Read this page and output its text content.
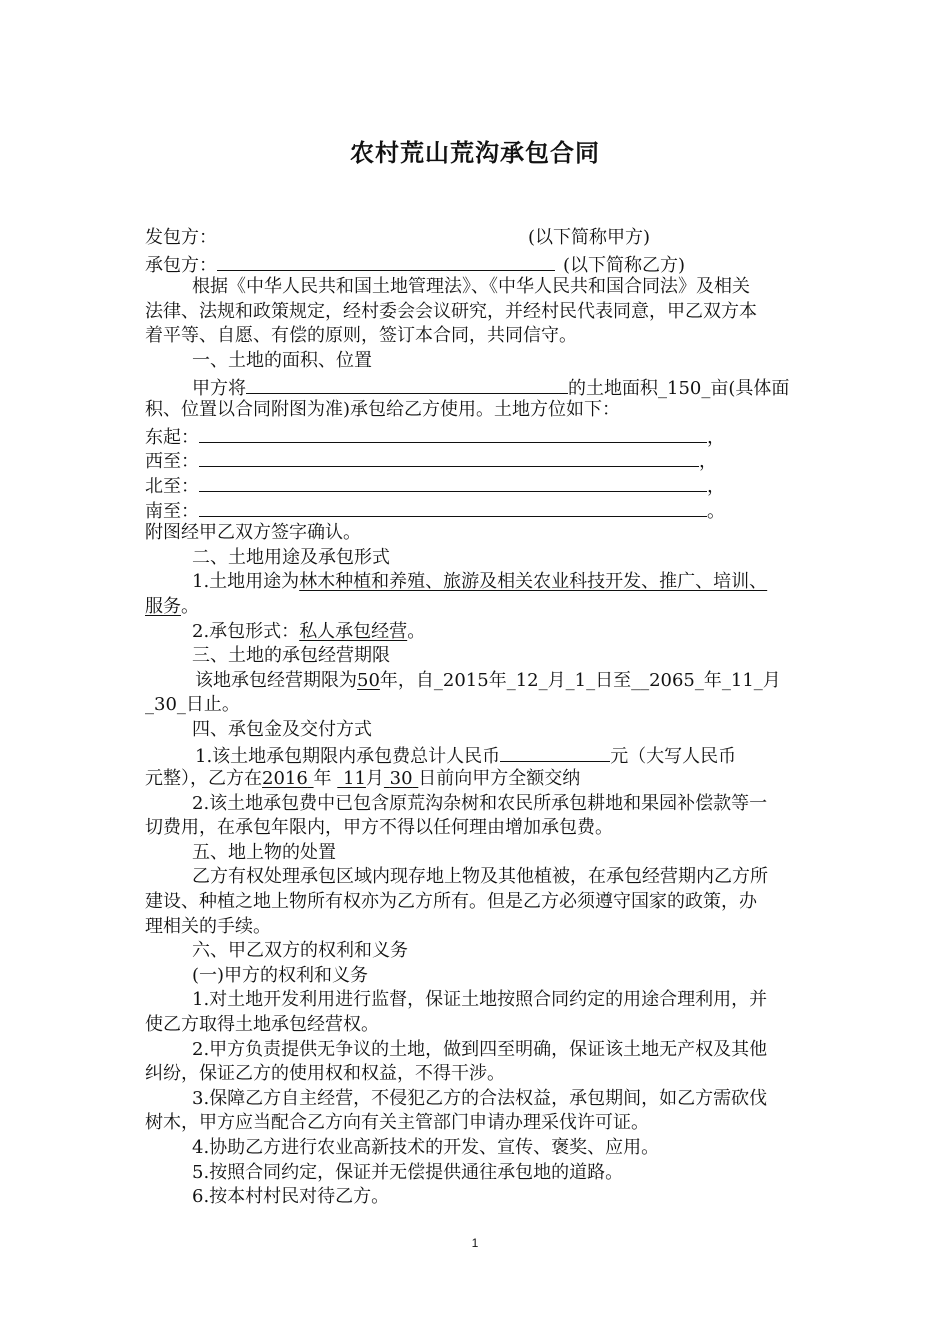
农村荒山荒沟承包合同
发包方：	(以下简称甲方)
承包方：	(以下简称乙方)
根据《中华人民共和国土地管理法》、《中华人民共和国合同法》及相关
法律、法规和政策规定，经村委会会议研究，并经村民代表同意，甲乙双方本
着平等、自愿、有偿的原则，签订本合同，共同信守。
一、土地的面积、位置
甲方将	的土地面积_150_亩(具体面
积、位置以合同附图为准)承包给乙方使用。土地方位如下：
东起：	，
西至：	，
北至：	，
南至：	。
附图经甲乙双方签字确认。
二、土地用途及承包形式
1.土地用途为林木种植和养殖、旅游及相关农业科技开发、推广、培训、
服务。
2.承包形式：私人承包经营。
三、土地的承包经营期限
该地承包经营期限为50年，自_2015年_12_月_1_日至__2065_年_11_月
_30_日止。
四、承包金及交付方式
1.该土地承包期限内承包费总计人民币	元（大写人民币
元整），乙方在2016 年 11月 30 日前向甲方全额交纳
2.该土地承包费中已包含原荒沟杂树和农民所承包耕地和果园补偿款等一
切费用，在承包年限内，甲方不得以任何理由增加承包费。
五、地上物的处置
乙方有权处理承包区域内现存地上物及其他植被，在承包经营期内乙方所
建设、种植之地上物所有权亦为乙方所有。但是乙方必须遵守国家的政策，办
理相关的手续。
六、甲乙双方的权利和义务
(一)甲方的权利和义务
1.对土地开发利用进行监督，保证土地按照合同约定的用途合理利用，并
使乙方取得土地承包经营权。
2.甲方负责提供无争议的土地，做到四至明确，保证该土地无产权及其他
纠纷，保证乙方的使用权和权益，不得干涉。
3.保障乙方自主经营，不侵犯乙方的合法权益，承包期间，如乙方需砍伐
树木，甲方应当配合乙方向有关主管部门申请办理采伐许可证。
4.协助乙方进行农业高新技术的开发、宣传、褒奖、应用。
5.按照合同约定，保证并无偿提供通往承包地的道路。
6.按本村村民对待乙方。
1
